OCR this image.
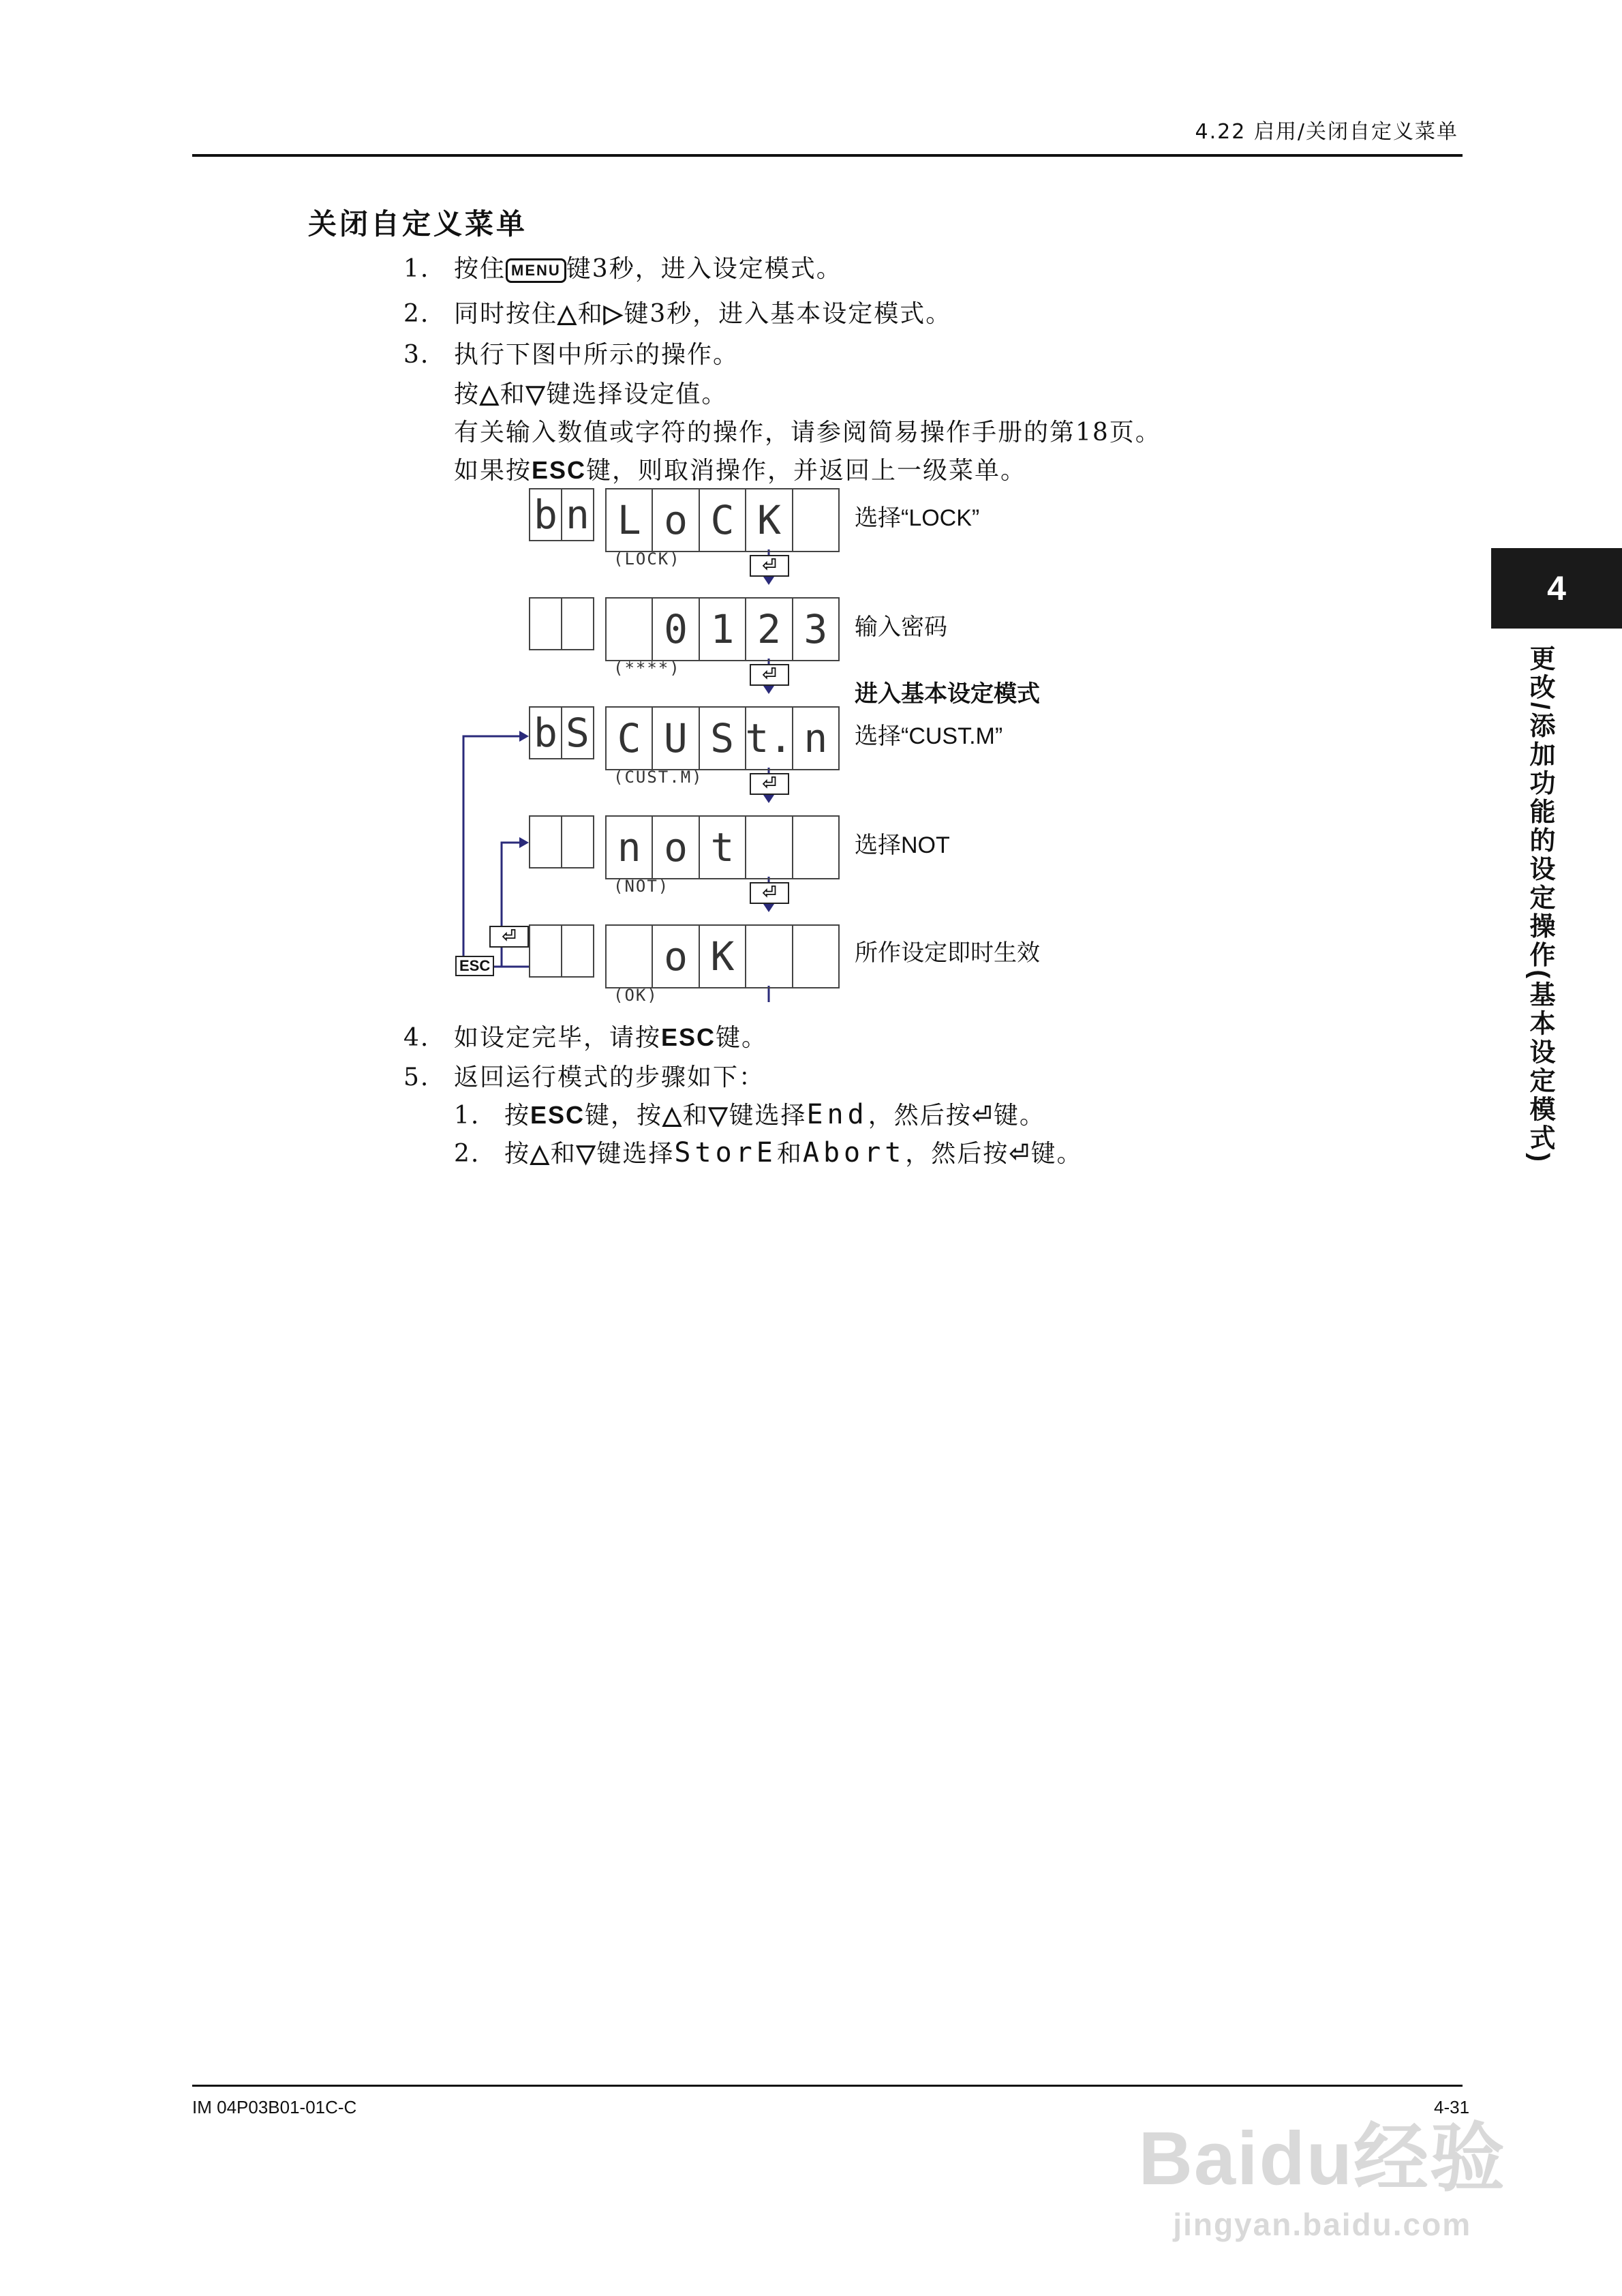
4.22 启用/关闭自定义菜单
关闭自定义菜单
1. 按住 MENU 键3秒，进入设定模式。
2. 同时按住△和▷键3秒，进入基本设定模式。
3. 执行下图中所示的操作。
按△和▽键选择设定值。
有关输入数值或字符的操作，请参阅简易操作手册的第18页。
如果按ESC键，则取消操作，并返回上一级菜单。
b n L o C K
(LOCK)
选择“LOCK”
⏎
0 1 2 3
(****)
输入密码
⏎
进入基本设定模式
b S C U S t. n
(CUST.M)
选择“CUST.M”
⏎
n o t
(NOT)
选择NOT
⏎
o K
(OK)
所作设定即时生效
⏎
ESC
4. 如设定完毕，请按ESC键。
5. 返回运行模式的步骤如下：
1. 按ESC键，按△和▽键选择End，然后按⏎键。
2. 按△和▽键选择StorE和Abort，然后按⏎键。
4
更改/添加功能的设定操作(基本设定模式)
IM 04P03B01-01C-C	4-31
Baidu经验
jingyan.baidu.com
